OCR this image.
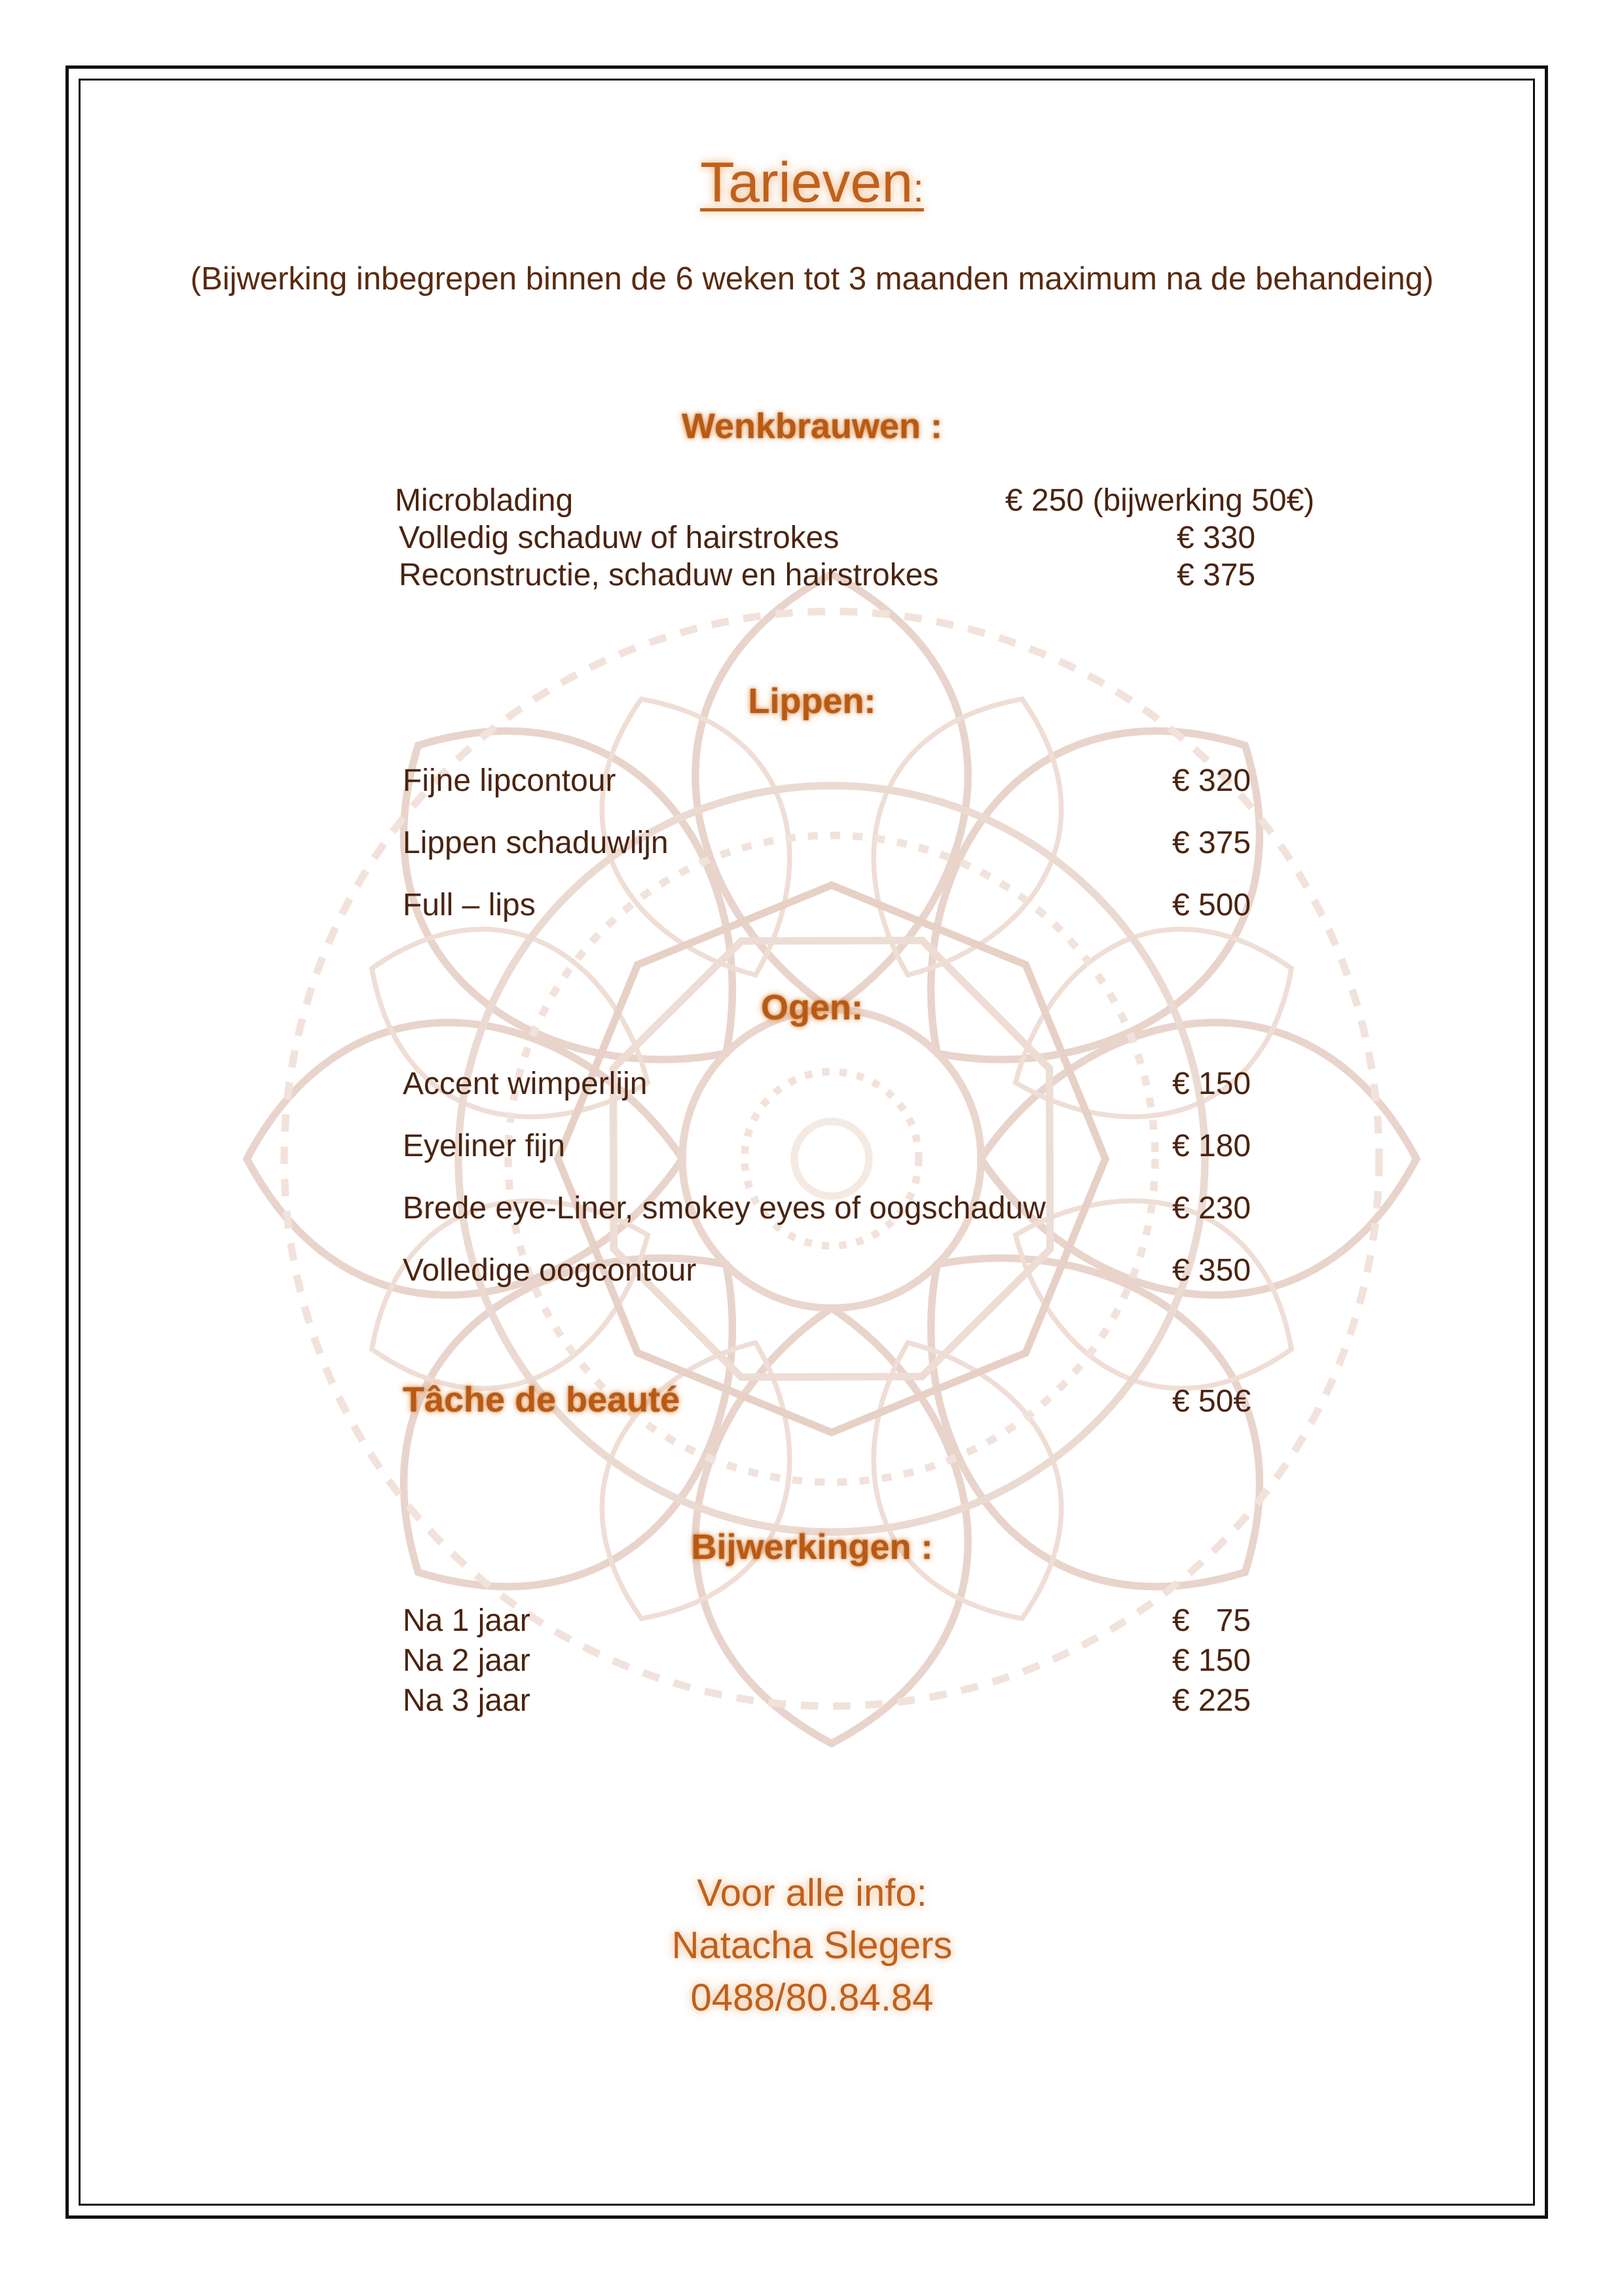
Tarieven:
(Bijwerking inbegrepen binnen de 6 weken tot 3 maanden maximum na de behandeing)
Wenkbrauwen :
Microblading	€ 250 (bijwerking 50€)
Volledig schaduw of hairstrokes	€ 330
Reconstructie, schaduw en hairstrokes	€ 375
Lippen:
Fijne lipcontour	€ 320
Lippen schaduwlijn	€ 375
Full – lips	€ 500
Ogen:
Accent wimperlijn	€ 150
Eyeliner fijn	€ 180
Brede eye-Liner, smokey eyes of oogschaduw	€ 230
Volledige oogcontour	€ 350
Tâche de beauté	€ 50€
Bijwerkingen :
Na 1 jaar	€   75
Na 2 jaar	€ 150
Na 3 jaar	€ 225
Voor alle info:
Natacha Slegers
0488/80.84.84
